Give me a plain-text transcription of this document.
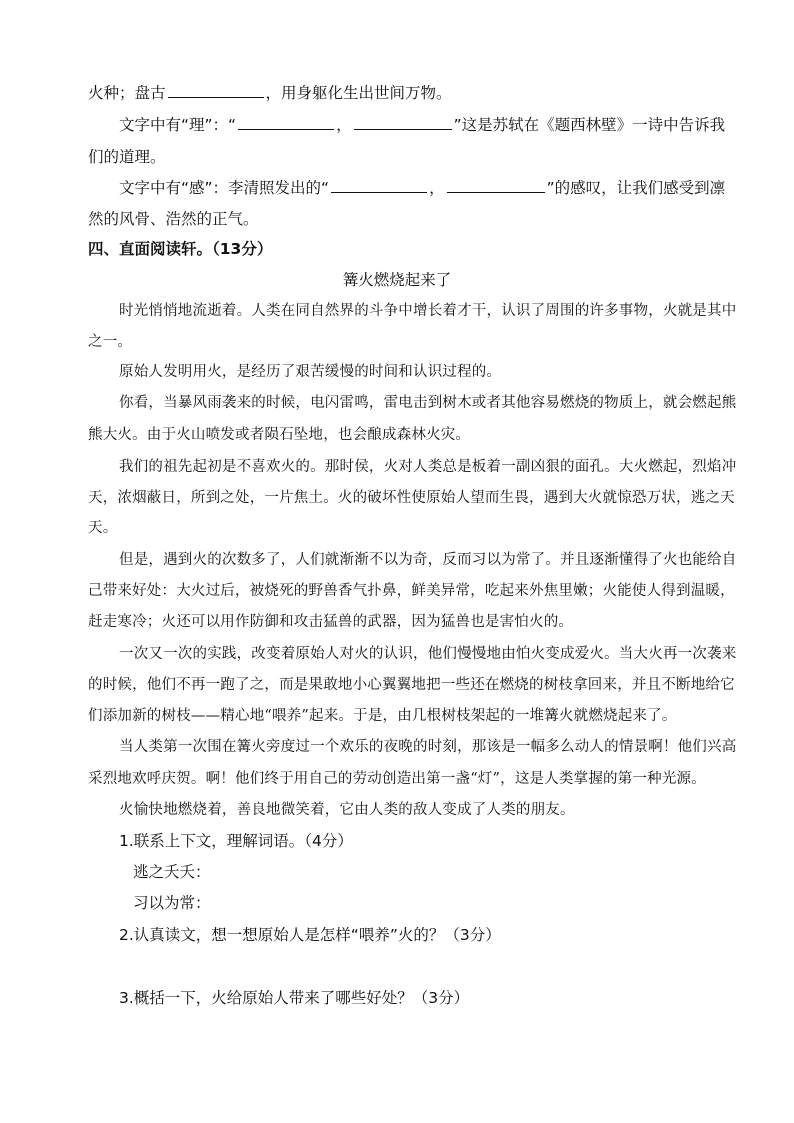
火种；盘古	，用身躯化生出世间万物。
文字中有“理”：“	，	”这是苏轼在《题西林壁》一诗中告诉我
们的道理。
文字中有“感”：李清照发出的“	，	”的感叹，让我们感受到凛
然的风骨、浩然的正气。
四、直面阅读轩。（13分）
篝火燃烧起来了
时光悄悄地流逝着。人类在同自然界的斗争中增长着才干，认识了周围的许多事物，火就是其中
之一。
原始人发明用火，是经历了艰苦缓慢的时间和认识过程的。
你看，当暴风雨袭来的时候，电闪雷鸣，雷电击到树木或者其他容易燃烧的物质上，就会燃起熊
熊大火。由于火山喷发或者陨石坠地，也会酿成森林火灾。
我们的祖先起初是不喜欢火的。那时侯，火对人类总是板着一副凶狠的面孔。大火燃起，烈焰冲
天，浓烟蔽日，所到之处，一片焦土。火的破坏性使原始人望而生畏，遇到大火就惊恐万状，逃之天
天。
但是，遇到火的次数多了，人们就渐渐不以为奇，反而习以为常了。并且逐渐懂得了火也能给自
己带来好处：大火过后，被烧死的野兽香气扑鼻，鲜美异常，吃起来外焦里嫩；火能使人得到温暖，
赶走寒冷；火还可以用作防御和攻击猛兽的武器，因为猛兽也是害怕火的。
一次又一次的实践，改变着原始人对火的认识，他们慢慢地由怕火变成爱火。当大火再一次袭来
的时候，他们不再一跑了之，而是果敢地小心翼翼地把一些还在燃烧的树枝拿回来，并且不断地给它
们添加新的树枝——精心地“喂养”起来。于是，由几根树枝架起的一堆篝火就燃烧起来了。
当人类第一次围在篝火旁度过一个欢乐的夜晚的时刻，那该是一幅多么动人的情景啊！他们兴高
采烈地欢呼庆贺。啊！他们终于用自己的劳动创造出第一盏“灯”，这是人类掌握的第一种光源。
火愉快地燃烧着，善良地微笑着，它由人类的敌人变成了人类的朋友。
1.联系上下文，理解词语。（4分）
逃之夭夭：
习以为常：
2.认真读文，想一想原始人是怎样“喂养”火的？（3分）
3.概括一下，火给原始人带来了哪些好处？（3分）
